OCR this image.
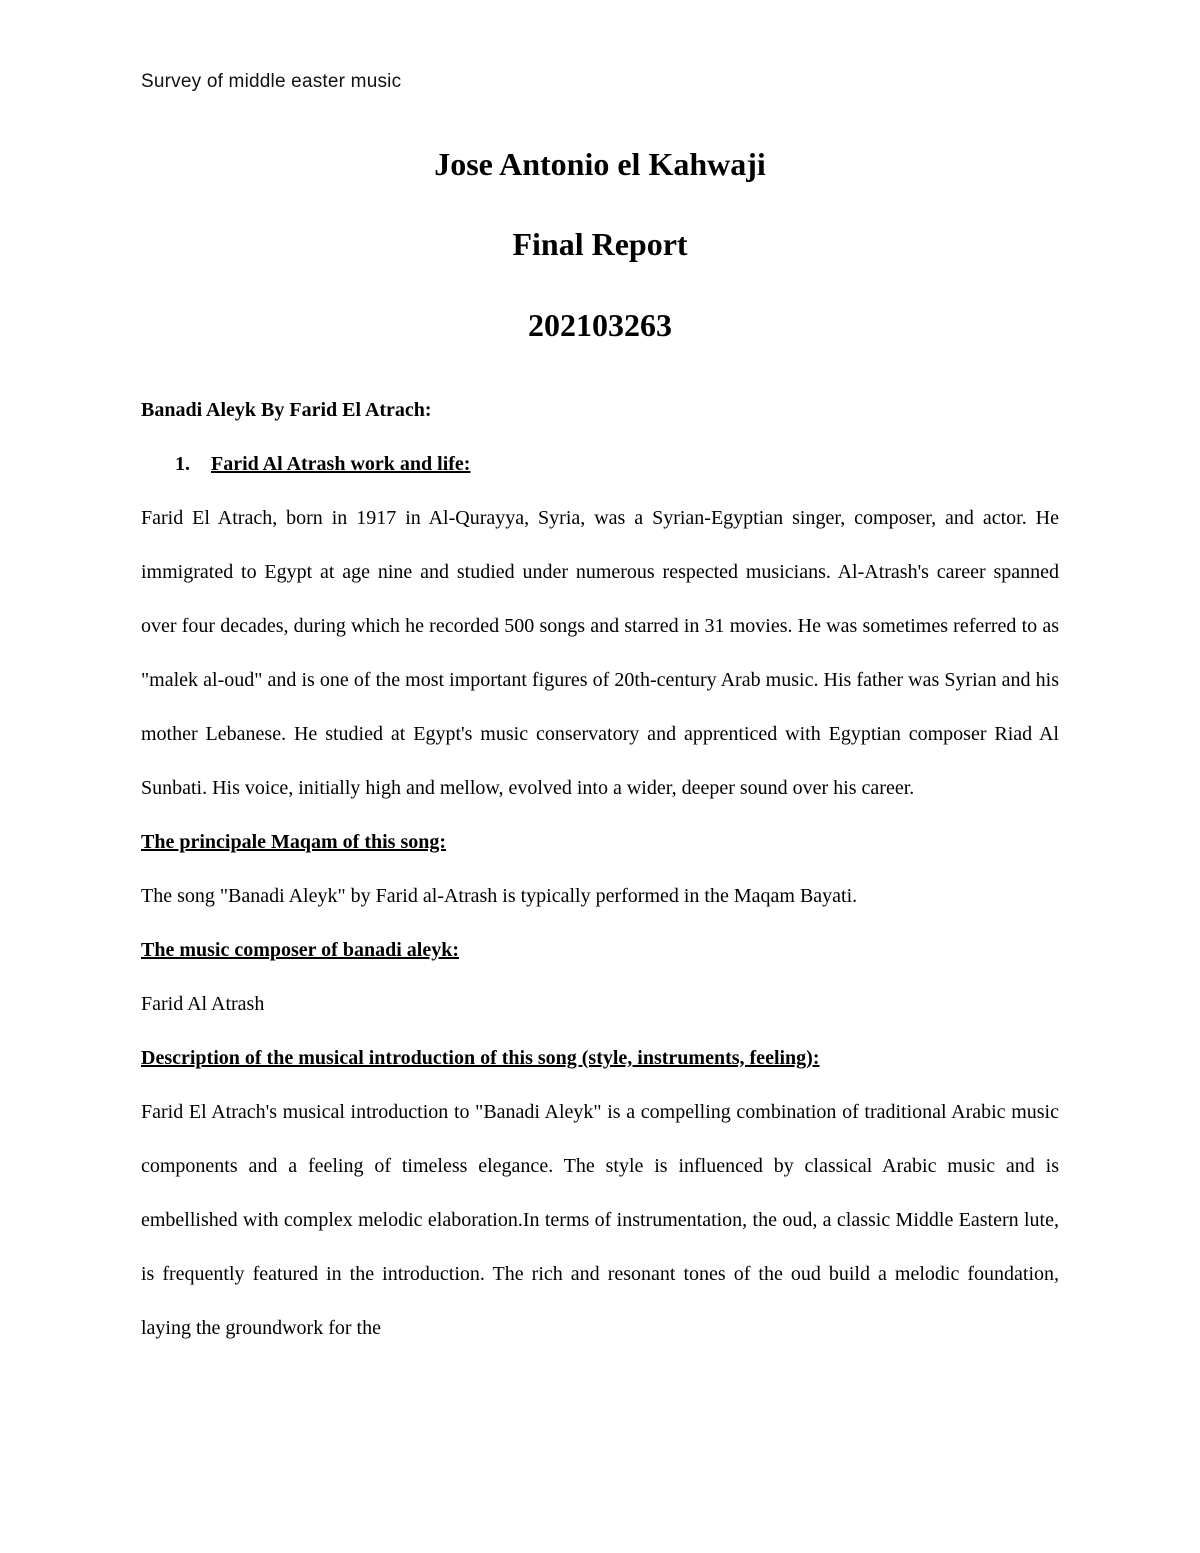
Survey of middle easter music
Jose Antonio el Kahwaji
Final Report
202103263

Banadi Aleyk By Farid El Atrach:

1. Farid Al Atrash work and life:

Farid El Atrach, born in 1917 in Al-Qurayya, Syria, was a Syrian-Egyptian singer, composer, and actor. He immigrated to Egypt at age nine and studied under numerous respected musicians. Al-Atrash's career spanned over four decades, during which he recorded 500 songs and starred in 31 movies. He was sometimes referred to as "malek al-oud" and is one of the most important figures of 20th-century Arab music. His father was Syrian and his mother Lebanese. He studied at Egypt's music conservatory and apprenticed with Egyptian composer Riad Al Sunbati. His voice, initially high and mellow, evolved into a wider, deeper sound over his career.

The principale Maqam of this song:

The song "Banadi Aleyk" by Farid al-Atrash is typically performed in the Maqam Bayati.

The music composer of banadi aleyk:

Farid Al Atrash

Description of the musical introduction of this song (style, instruments, feeling):

Farid El Atrach's musical introduction to "Banadi Aleyk" is a compelling combination of traditional Arabic music components and a feeling of timeless elegance. The style is influenced by classical Arabic music and is embellished with complex melodic elaboration.In terms of instrumentation, the oud, a classic Middle Eastern lute, is frequently featured in the introduction. The rich and resonant tones of the oud build a melodic foundation, laying the groundwork for the
